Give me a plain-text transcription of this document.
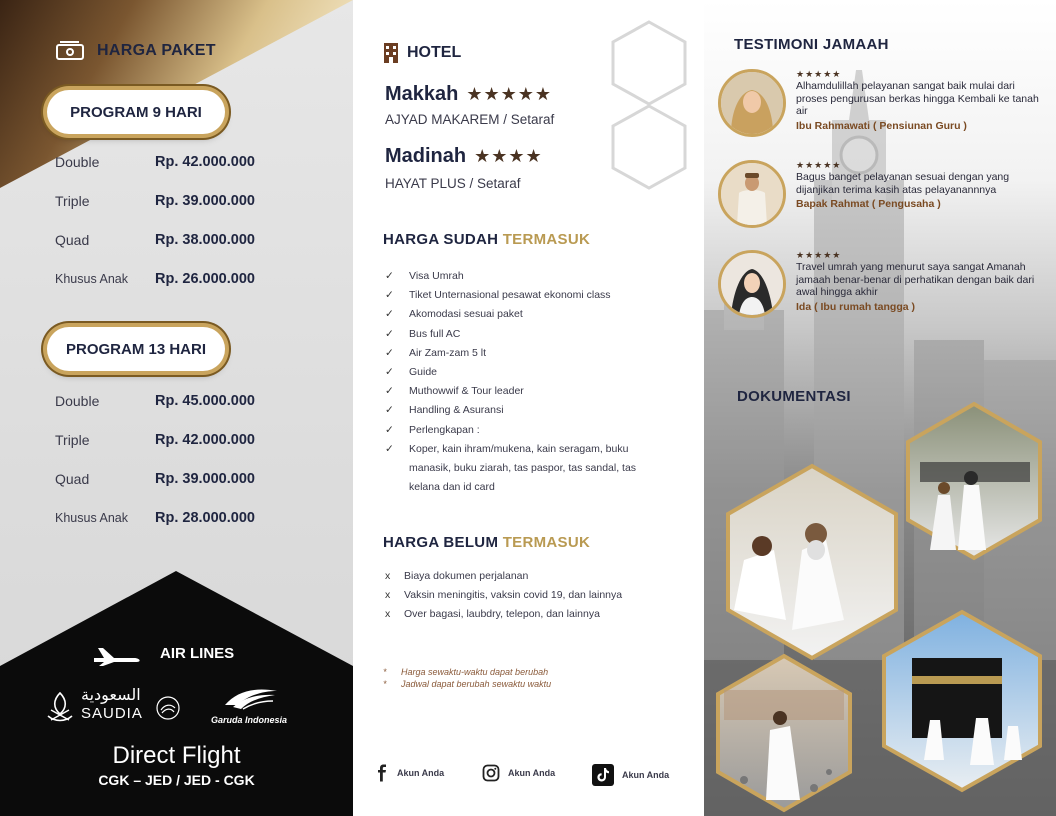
HARGA PAKET
PROGRAM 9 HARI
Double	Rp. 42.000.000
Triple	Rp. 39.000.000
Quad	Rp. 38.000.000
Khusus Anak	Rp. 26.000.000
PROGRAM 13 HARI
Double	Rp. 45.000.000
Triple	Rp. 42.000.000
Quad	Rp. 39.000.000
Khusus Anak	Rp. 28.000.000
AIR LINES
السعودية
SAUDIA	Garuda Indonesia
Direct Flight
CGK – JED / JED - CGK
HOTEL
Makkah ★★★★★
AJYAD MAKAREM / Setaraf
Madinah ★★★★
HAYAT PLUS / Setaraf
HARGA SUDAH TERMASUK
✓	Visa Umrah
✓	Tiket Unternasional pesawat ekonomi class
✓	Akomodasi sesuai paket
✓	Bus full AC
✓	Air Zam-zam 5 lt
✓	Guide
✓	Muthowwif & Tour leader
✓	Handling & Asuransi
✓	Perlengkapan :
✓	Koper, kain ihram/mukena, kain seragam, buku
manasik, buku ziarah, tas paspor, tas sandal, tas
kelana dan id card
HARGA BELUM TERMASUK
x	Biaya dokumen perjalanan
x	Vaksin meningitis, vaksin covid 19, dan lainnya
x	Over bagasi, laubdry, telepon, dan lainnya
* Harga sewaktu-waktu dapat berubah
* Jadwal dapat berubah sewaktu waktu
Akun Anda	Akun Anda	Akun Anda
TESTIMONI JAMAAH
★★★★★
Alhamdulillah pelayanan sangat baik mulai dari proses pengurusan berkas hingga Kembali ke tanah air
Ibu Rahmawati ( Pensiunan Guru )
★★★★★
Bagus banget pelayanan sesuai dengan yang dijanjikan terima kasih atas pelayanannnya
Bapak Rahmat ( Pengusaha )
★★★★★
Travel umrah yang menurut saya sangat Amanah jamaah benar-benar di perhatikan dengan baik dari awal hingga akhir
Ida ( Ibu rumah tangga )
DOKUMENTASI
